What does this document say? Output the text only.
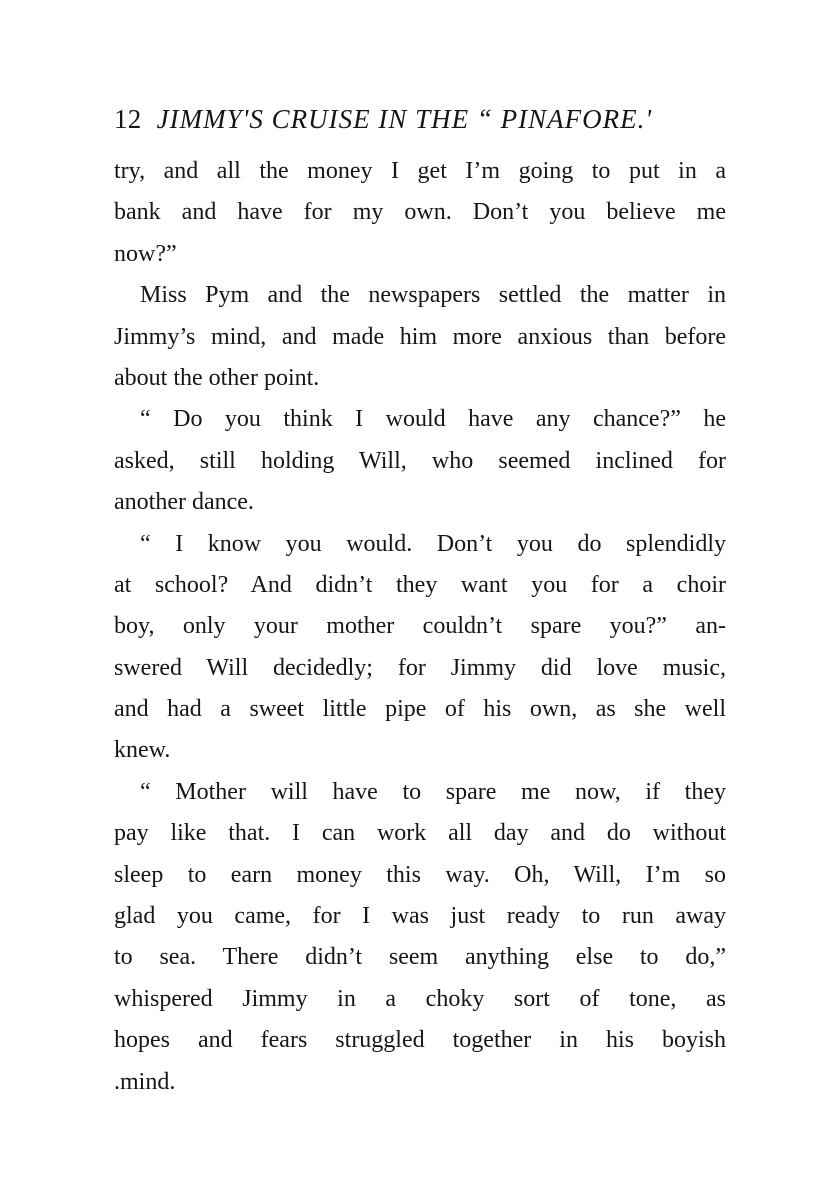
12 JIMMY'S CRUISE IN THE “ PINAFORE.'
try, and all the money I get I’m going to put in a
bank and have for my own. Don’t you believe me
now?”
Miss Pym and the newspapers settled the matter in
Jimmy’s mind, and made him more anxious than before
about the other point.
“ Do you think I would have any chance?” he
asked, still holding Will, who seemed inclined for
another dance.
“ I know you would. Don’t you do splendidly
at school? And didn’t they want you for a choir
boy, only your mother couldn’t spare you?” an-
swered Will decidedly; for Jimmy did love music,
and had a sweet little pipe of his own, as she well
knew.
“ Mother will have to spare me now, if they
pay like that. I can work all day and do without
sleep to earn money this way. Oh, Will, I’m so
glad you came, for I was just ready to run away
to sea. There didn’t seem anything else to do,”
whispered Jimmy in a choky sort of tone, as
hopes and fears struggled together in his boyish
.mind.
